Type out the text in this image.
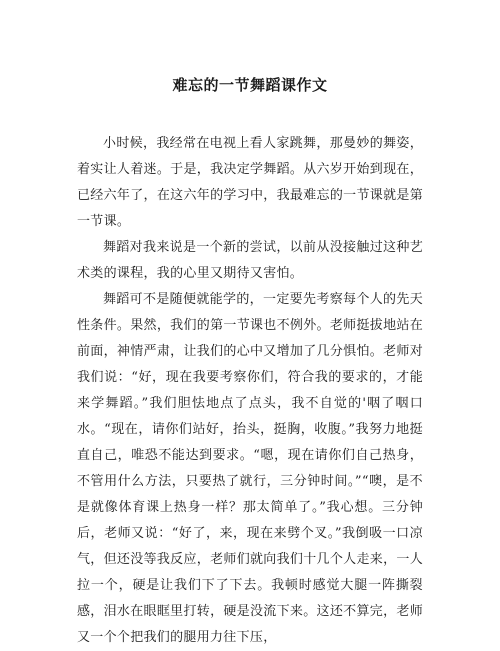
难忘的一节舞蹈课作文

小时候，我经常在电视上看人家跳舞，那曼妙的舞姿，着实让人着迷。于是，我决定学舞蹈。从六岁开始到现在，已经六年了，在这六年的学习中，我最难忘的一节课就是第一节课。

舞蹈对我来说是一个新的尝试，以前从没接触过这种艺术类的课程，我的心里又期待又害怕。

舞蹈可不是随便就能学的，一定要先考察每个人的先天性条件。果然，我们的第一节课也不例外。老师挺拔地站在前面，神情严肃，让我们的心中又增加了几分惧怕。老师对我们说：“好，现在我要考察你们，符合我的要求的，才能来学舞蹈。”我们胆怯地点了点头，我不自觉的'咽了咽口水。“现在，请你们站好，抬头，挺胸，收腹。”我努力地挺直自己，唯恐不能达到要求。“嗯，现在请你们自己热身，不管用什么方法，只要热了就行，三分钟时间。”“噢，是不是就像体育课上热身一样？那太简单了。”我心想。三分钟后，老师又说：“好了，来，现在来劈个叉。”我倒吸一口凉气，但还没等我反应，老师们就向我们十几个人走来，一人拉一个，硬是让我们下了下去。我顿时感觉大腿一阵撕裂感，泪水在眼眶里打转，硬是没流下来。这还不算完，老师又一个个把我们的腿用力往下压，
